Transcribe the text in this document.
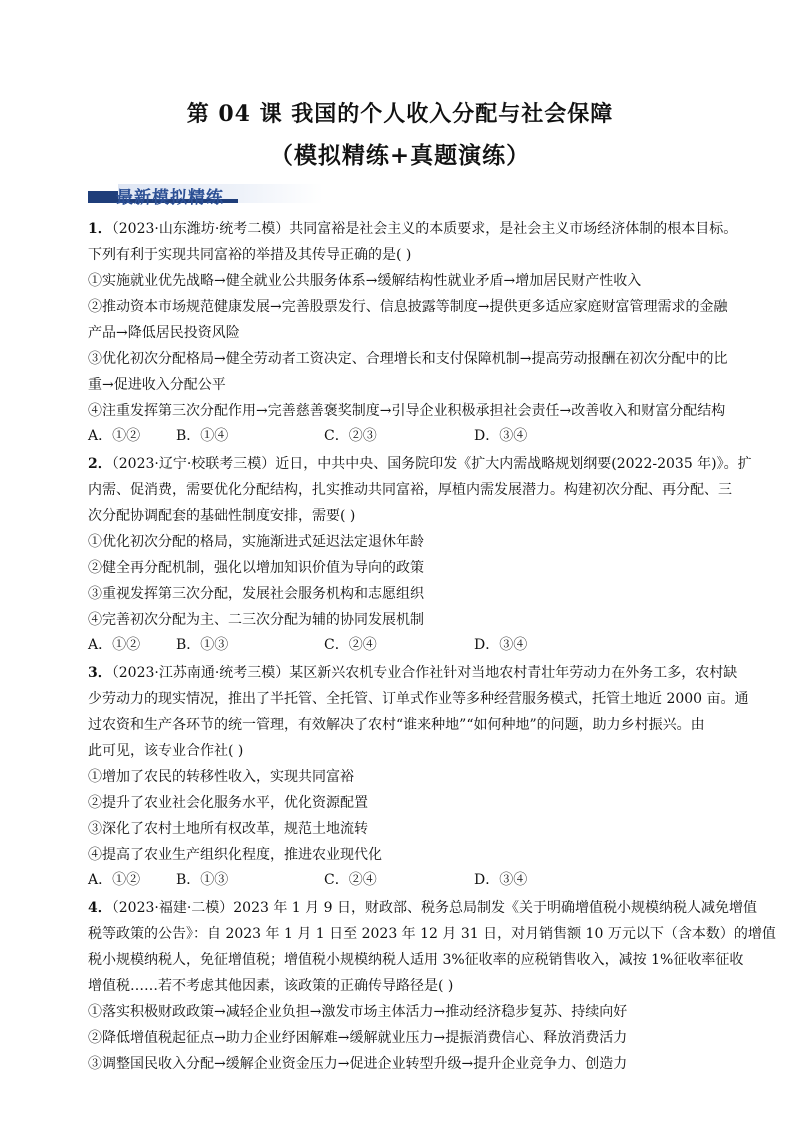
第 04 课 我国的个人收入分配与社会保障
（模拟精练+真题演练）
最新模拟精练
1．（2023·山东潍坊·统考二模）共同富裕是社会主义的本质要求，是社会主义市场经济体制的根本目标。
下列有利于实现共同富裕的举措及其传导正确的是( )
①实施就业优先战略→健全就业公共服务体系→缓解结构性就业矛盾→增加居民财产性收入
②推动资本市场规范健康发展→完善股票发行、信息披露等制度→提供更多适应家庭财富管理需求的金融
产品→降低居民投资风险
③优化初次分配格局→健全劳动者工资决定、合理增长和支付保障机制→提高劳动报酬在初次分配中的比
重→促进收入分配公平
④注重发挥第三次分配作用→完善慈善褒奖制度→引导企业积极承担社会责任→改善收入和财富分配结构
A．①②	B．①④	C．②③	D．③④
2．（2023·辽宁·校联考三模）近日，中共中央、国务院印发《扩大内需战略规划纲要(2022-2035 年)》。扩
内需、促消费，需要优化分配结构，扎实推动共同富裕，厚植内需发展潜力。构建初次分配、再分配、三
次分配协调配套的基础性制度安排，需要( )
①优化初次分配的格局，实施渐进式延迟法定退休年龄
②健全再分配机制，强化以增加知识价值为导向的政策
③重视发挥第三次分配，发展社会服务机构和志愿组织
④完善初次分配为主、二三次分配为辅的协同发展机制
A．①②	B．①③	C．②④	D．③④
3．（2023·江苏南通·统考三模）某区新兴农机专业合作社针对当地农村青壮年劳动力在外务工多，农村缺
少劳动力的现实情况，推出了半托管、全托管、订单式作业等多种经营服务模式，托管土地近 2000 亩。通
过农资和生产各环节的统一管理，有效解决了农村“谁来种地”“如何种地”的问题，助力乡村振兴。由
此可见，该专业合作社( )
①增加了农民的转移性收入，实现共同富裕
②提升了农业社会化服务水平，优化资源配置
③深化了农村土地所有权改革，规范土地流转
④提高了农业生产组织化程度，推进农业现代化
A．①②	B．①③	C．②④	D．③④
4．（2023·福建·二模）2023 年 1 月 9 日，财政部、税务总局制发《关于明确增值税小规模纳税人减免增值
税等政策的公告》：自 2023 年 1 月 1 日至 2023 年 12 月 31 日，对月销售额 10 万元以下（含本数）的增值
税小规模纳税人，免征增值税；增值税小规模纳税人适用 3%征收率的应税销售收入，减按 1%征收率征收
增值税……若不考虑其他因素，该政策的正确传导路径是( )
①落实积极财政政策→减轻企业负担→激发市场主体活力→推动经济稳步复苏、持续向好
②降低增值税起征点→助力企业纾困解难→缓解就业压力→提振消费信心、释放消费活力
③调整国民收入分配→缓解企业资金压力→促进企业转型升级→提升企业竞争力、创造力
